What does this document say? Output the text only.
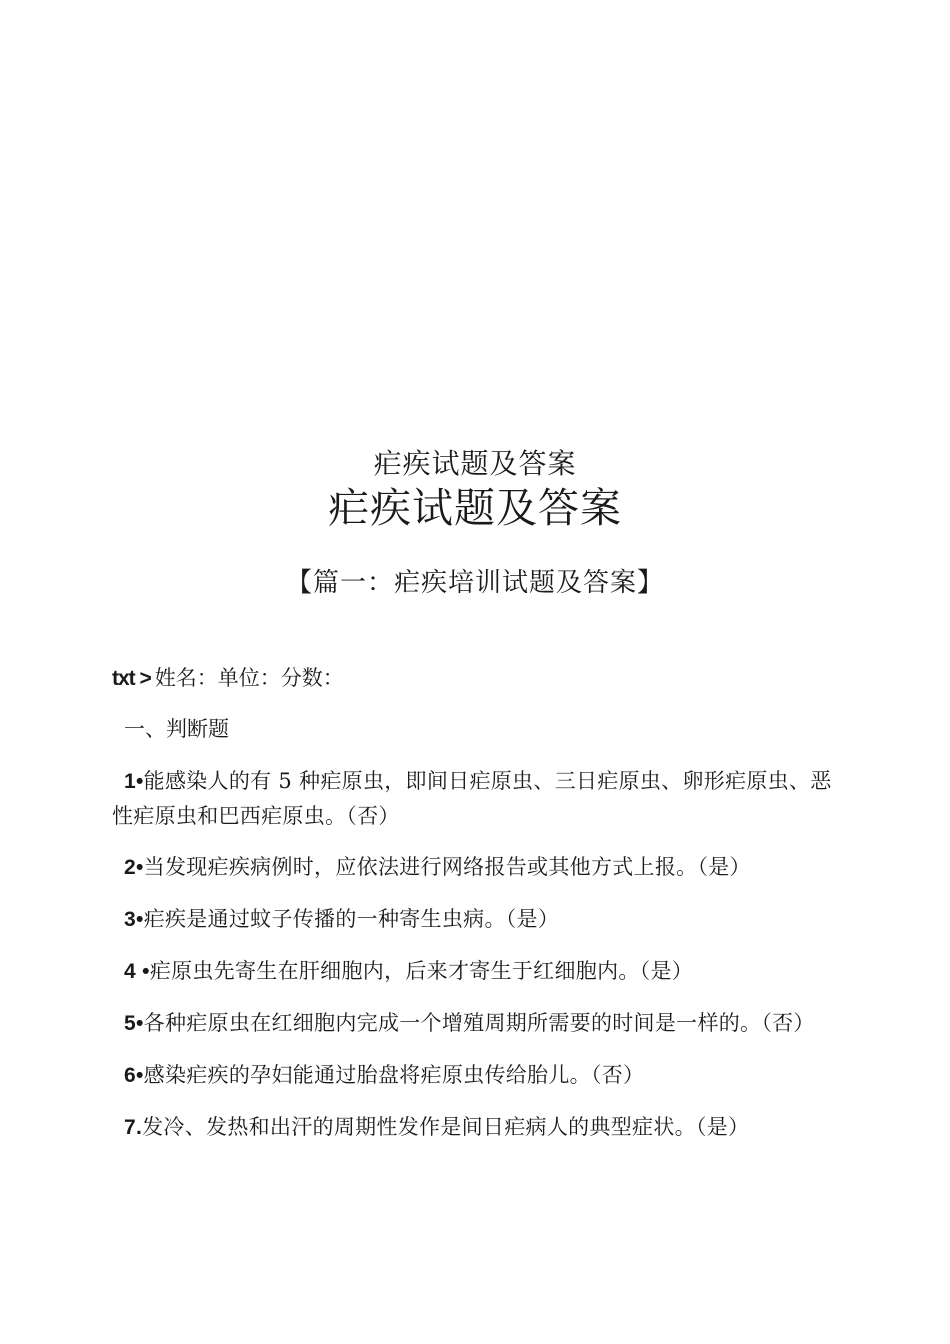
疟疾试题及答案
疟疾试题及答案
【篇一：疟疾培训试题及答案】
txt > 姓名：单位：分数：
一、判断题
1•能感染人的有 5 种疟原虫，即间日疟原虫、三日疟原虫、卵形疟原虫、恶性疟原虫和巴西疟原虫。（否）
2•当发现疟疾病例时，应依法进行网络报告或其他方式上报。（是）
3•疟疾是通过蚊子传播的一种寄生虫病。（是）
4 •疟原虫先寄生在肝细胞内，后来才寄生于红细胞内。（是）
5•各种疟原虫在红细胞内完成一个增殖周期所需要的时间是一样的。（否）
6•感染疟疾的孕妇能通过胎盘将疟原虫传给胎儿。（否）
7.发冷、发热和出汗的周期性发作是间日疟病人的典型症状。（是）
